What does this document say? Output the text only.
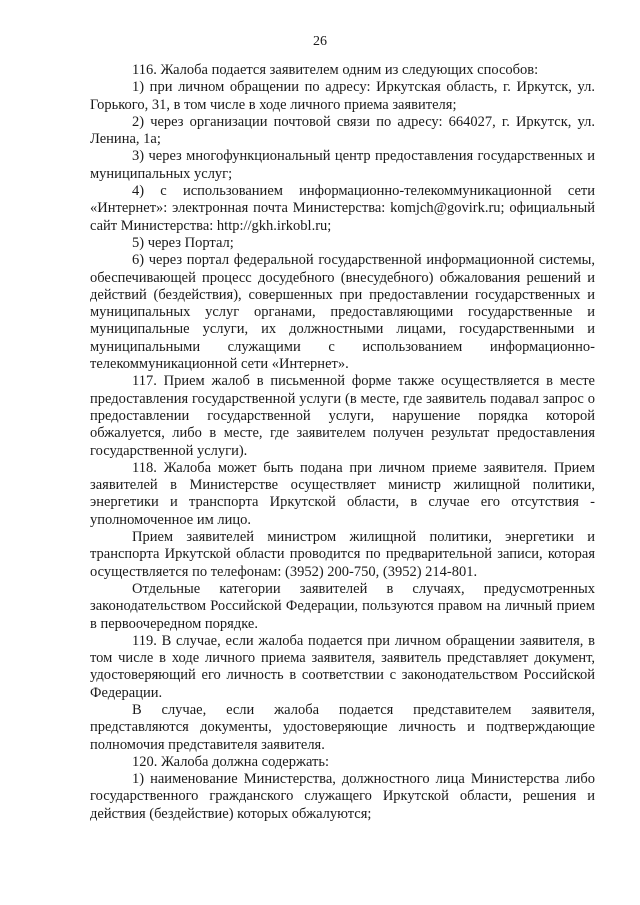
26

116. Жалоба подается заявителем одним из следующих способов:

1) при личном обращении по адресу: Иркутская область, г. Иркутск, ул. Горького, 31, в том числе в ходе личного приема заявителя;

2) через организации почтовой связи по адресу: 664027, г. Иркутск, ул. Ленина, 1а;

3) через многофункциональный центр предоставления государственных и муниципальных услуг;

4) с использованием информационно-телекоммуникационной сети «Интернет»: электронная почта Министерства: komjch@govirk.ru; официальный сайт Министерства: http://gkh.irkobl.ru;

5) через Портал;

6) через портал федеральной государственной информационной системы, обеспечивающей процесс досудебного (внесудебного) обжалования решений и действий (бездействия), совершенных при предоставлении государственных и муниципальных услуг органами, предоставляющими государственные и муниципальные услуги, их должностными лицами, государственными и муниципальными служащими с использованием информационно-телекоммуникационной сети «Интернет».

117. Прием жалоб в письменной форме также осуществляется в месте предоставления государственной услуги (в месте, где заявитель подавал запрос о предоставлении государственной услуги, нарушение порядка которой обжалуется, либо в месте, где заявителем получен результат предоставления государственной услуги).

118. Жалоба может быть подана при личном приеме заявителя. Прием заявителей в Министерстве осуществляет министр жилищной политики, энергетики и транспорта Иркутской области, в случае его отсутствия - уполномоченное им лицо.

Прием заявителей министром жилищной политики, энергетики и транспорта Иркутской области проводится по предварительной записи, которая осуществляется по телефонам: (3952) 200-750, (3952) 214-801.

Отдельные категории заявителей в случаях, предусмотренных законодательством Российской Федерации, пользуются правом на личный прием в первоочередном порядке.

119. В случае, если жалоба подается при личном обращении заявителя, в том числе в ходе личного приема заявителя, заявитель представляет документ, удостоверяющий его личность в соответствии с законодательством Российской Федерации.

В случае, если жалоба подается представителем заявителя, представляются документы, удостоверяющие личность и подтверждающие полномочия представителя заявителя.

120. Жалоба должна содержать:

1) наименование Министерства, должностного лица Министерства либо государственного гражданского служащего Иркутской области, решения и действия (бездействие) которых обжалуются;
